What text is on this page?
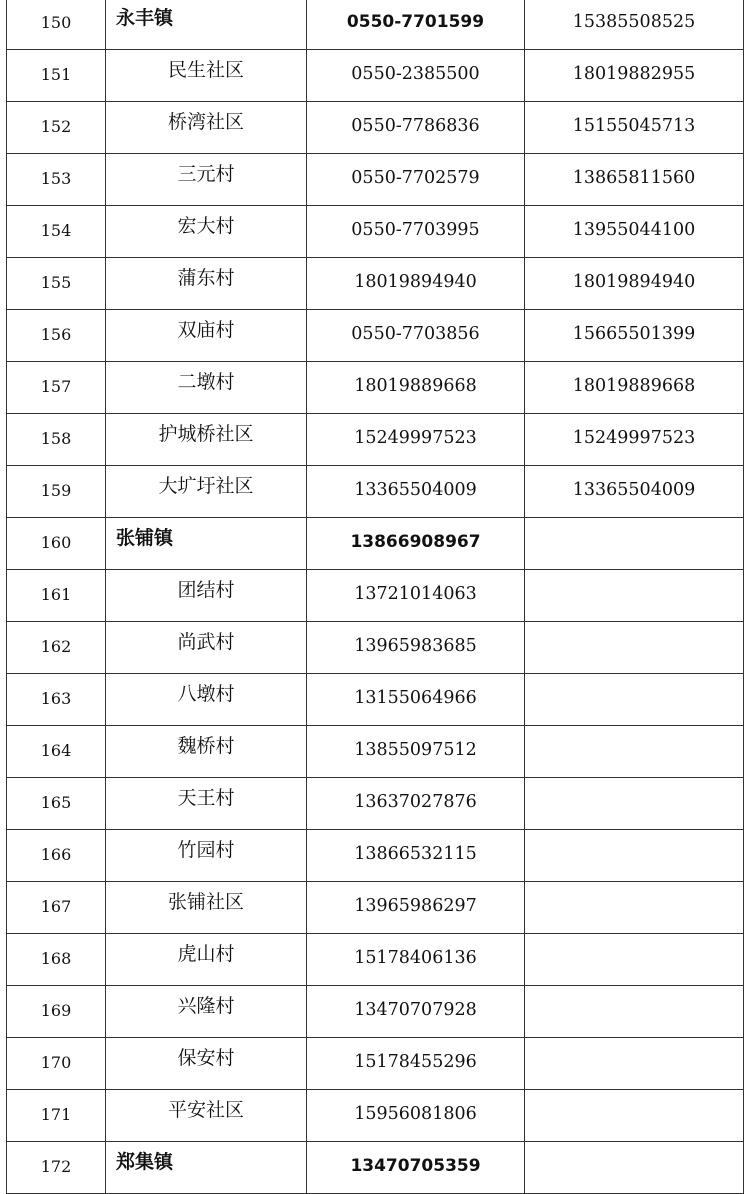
150	永丰镇	0550-7701599	15385508525
151	民生社区	0550-2385500	18019882955
152	桥湾社区	0550-7786836	15155045713
153	三元村	0550-7702579	13865811560
154	宏大村	0550-7703995	13955044100
155	蒲东村	18019894940	18019894940
156	双庙村	0550-7703856	15665501399
157	二墩村	18019889668	18019889668
158	护城桥社区	15249997523	15249997523
159	大圹圩社区	13365504009	13365504009
160	张铺镇	13866908967	
161	团结村	13721014063	
162	尚武村	13965983685	
163	八墩村	13155064966	
164	魏桥村	13855097512	
165	天王村	13637027876	
166	竹园村	13866532115	
167	张铺社区	13965986297	
168	虎山村	15178406136	
169	兴隆村	13470707928	
170	保安村	15178455296	
171	平安社区	15956081806	
172	郑集镇	13470705359	
